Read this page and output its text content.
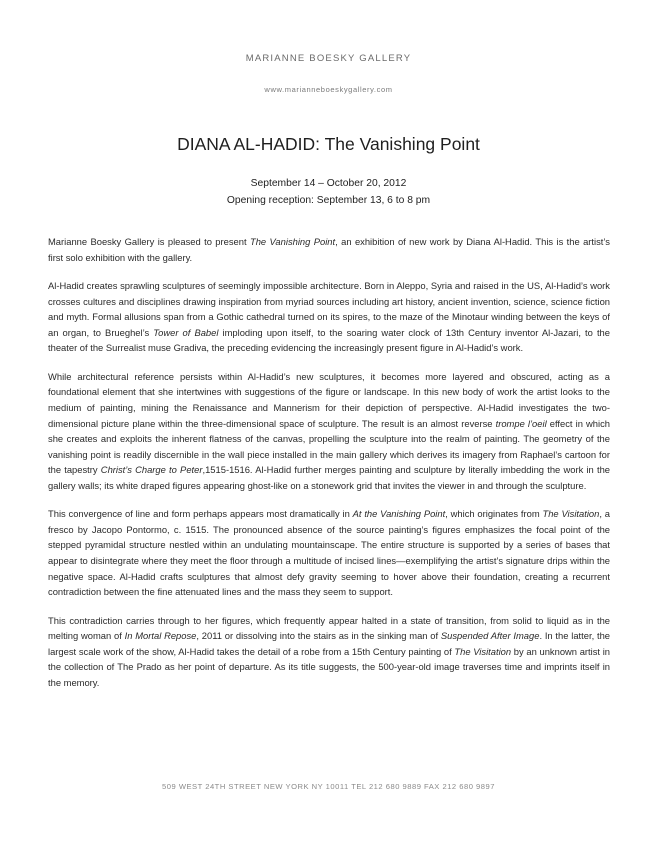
MARIANNE BOESKY GALLERY
www.marianneboeskygallery.com
DIANA AL-HADID: The Vanishing Point
September 14 – October 20, 2012
Opening reception: September 13, 6 to 8 pm

Marianne Boesky Gallery is pleased to present The Vanishing Point, an exhibition of new work by Diana Al-Hadid. This is the artist’s first solo exhibition with the gallery.

Al-Hadid creates sprawling sculptures of seemingly impossible architecture. Born in Aleppo, Syria and raised in the US, Al-Hadid’s work crosses cultures and disciplines drawing inspiration from myriad sources including art history, ancient invention, science, science fiction and myth. Formal allusions span from a Gothic cathedral turned on its spires, to the maze of the Minotaur winding between the keys of an organ, to Brueghel’s Tower of Babel imploding upon itself, to the soaring water clock of 13th Century inventor Al-Jazari, to the theater of the Surrealist muse Gradiva, the preceding evidencing the increasingly present figure in Al-Hadid’s work.

While architectural reference persists within Al-Hadid’s new sculptures, it becomes more layered and obscured, acting as a foundational element that she intertwines with suggestions of the figure or landscape. In this new body of work the artist looks to the medium of painting, mining the Renaissance and Mannerism for their depiction of perspective. Al-Hadid investigates the two-dimensional picture plane within the three-dimensional space of sculpture. The result is an almost reverse trompe l’oeil effect in which she creates and exploits the inherent flatness of the canvas, propelling the sculpture into the realm of painting. The geometry of the vanishing point is readily discernible in the wall piece installed in the main gallery which derives its imagery from Raphael’s cartoon for the tapestry Christ’s Charge to Peter,1515-1516. Al-Hadid further merges painting and sculpture by literally imbedding the work in the gallery walls; its white draped figures appearing ghost-like on a stonework grid that invites the viewer in and through the sculpture.

This convergence of line and form perhaps appears most dramatically in At the Vanishing Point, which originates from The Visitation, a fresco by Jacopo Pontormo, c. 1515. The pronounced absence of the source painting’s figures emphasizes the focal point of the stepped pyramidal structure nestled within an undulating mountainscape. The entire structure is supported by a series of bases that appear to disintegrate where they meet the floor through a multitude of incised lines—exemplifying the artist’s signature drips within the negative space. Al-Hadid crafts sculptures that almost defy gravity seeming to hover above their foundation, creating a recurrent contradiction between the fine attenuated lines and the mass they seem to support.

This contradiction carries through to her figures, which frequently appear halted in a state of transition, from solid to liquid as in the melting woman of In Mortal Repose, 2011 or dissolving into the stairs as in the sinking man of Suspended After Image. In the latter, the largest scale work of the show, Al-Hadid takes the detail of a robe from a 15th Century painting of The Visitation by an unknown artist in the collection of The Prado as her point of departure. As its title suggests, the 500-year-old image traverses time and imprints itself in the memory.

509 WEST 24TH STREET NEW YORK NY 10011 TEL 212 680 9889 FAX 212 680 9897
